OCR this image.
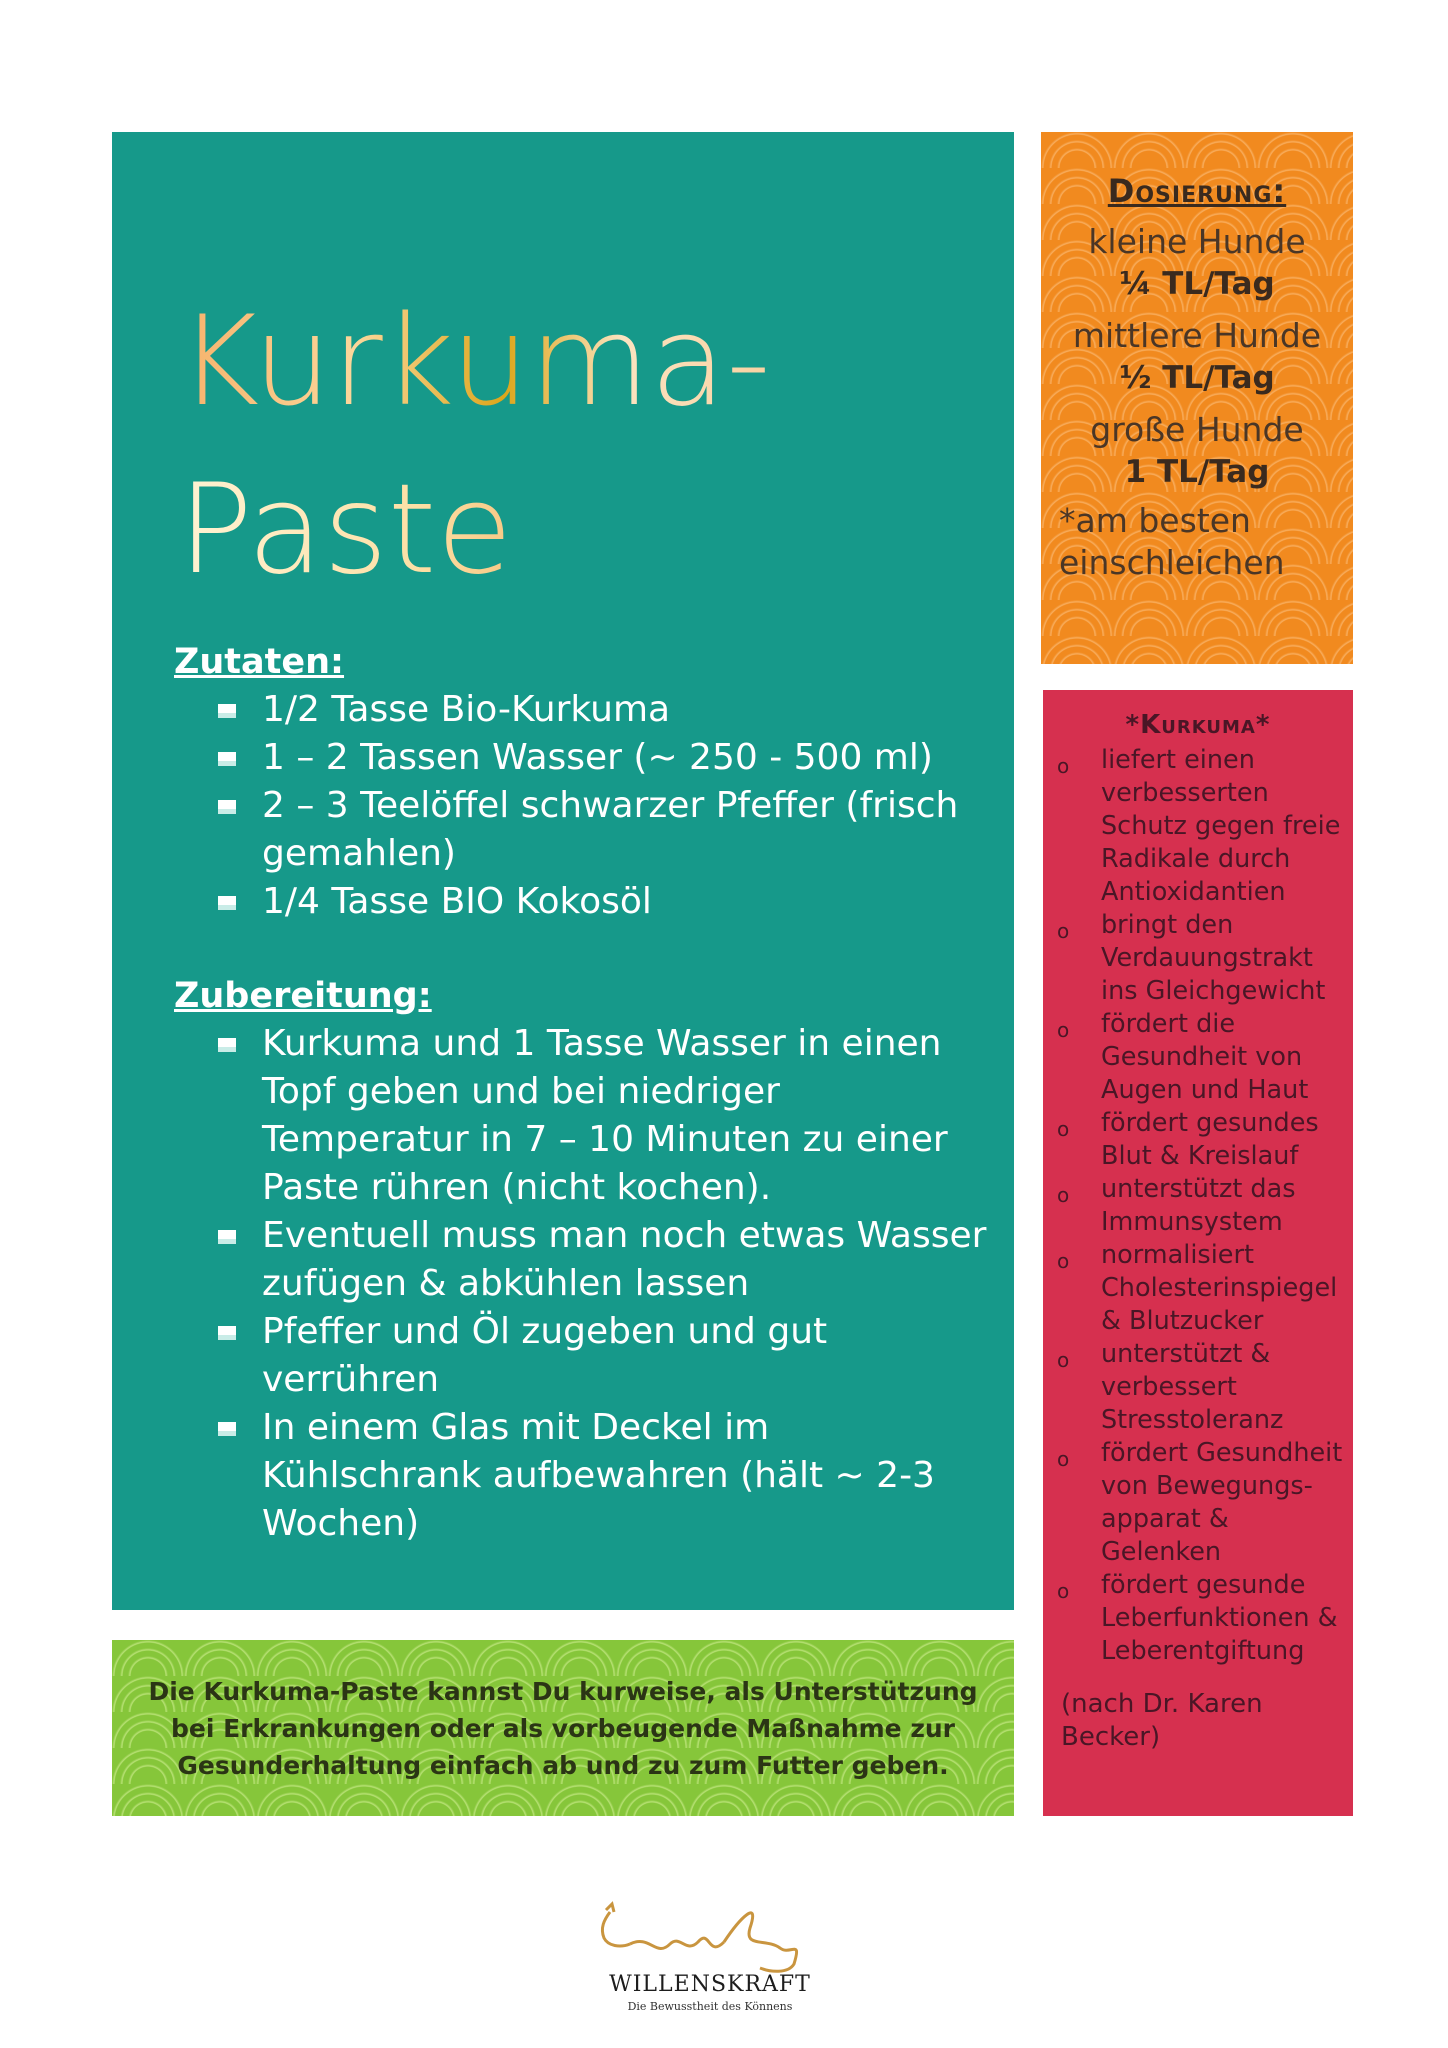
Kurkuma-
Paste
Zutaten:
1/2 Tasse Bio-Kurkuma
1 – 2 Tassen Wasser (~ 250 - 500 ml)
2 – 3 Teelöffel schwarzer Pfeffer (frisch gemahlen)
1/4 Tasse BIO Kokosöl
Zubereitung:
Kurkuma und 1 Tasse Wasser in einen Topf geben und bei niedriger Temperatur in 7 – 10 Minuten zu einer Paste rühren (nicht kochen).
Eventuell muss man noch etwas Wasser zufügen & abkühlen lassen
Pfeffer und Öl zugeben und gut verrühren
In einem Glas mit Deckel im Kühlschrank aufbewahren (hält ~ 2-3 Wochen)
Dosierung:
kleine Hunde
¼ TL/Tag
mittlere Hunde
½ TL/Tag
große Hunde
1 TL/Tag
*am besten einschleichen
*Kurkuma*
o liefert einen verbesserten Schutz gegen freie Radikale durch Antioxidantien
o bringt den Verdauungstrakt ins Gleichgewicht
o fördert die Gesundheit von Augen und Haut
o fördert gesundes Blut & Kreislauf
o unterstützt das Immunsystem
o normalisiert Cholesterinspiegel & Blutzucker
o unterstützt & verbessert Stresstoleranz
o fördert Gesundheit von Bewegungs-apparat & Gelenken
o fördert gesunde Leberfunktionen & Leberentgiftung
(nach Dr. Karen Becker)

Die Kurkuma-Paste kannst Du kurweise, als Unterstützung bei Erkrankungen oder als vorbeugende Maßnahme zur Gesunderhaltung einfach ab und zu zum Futter geben.

WILLENSKRAFT
Die Bewusstheit des Könnens
